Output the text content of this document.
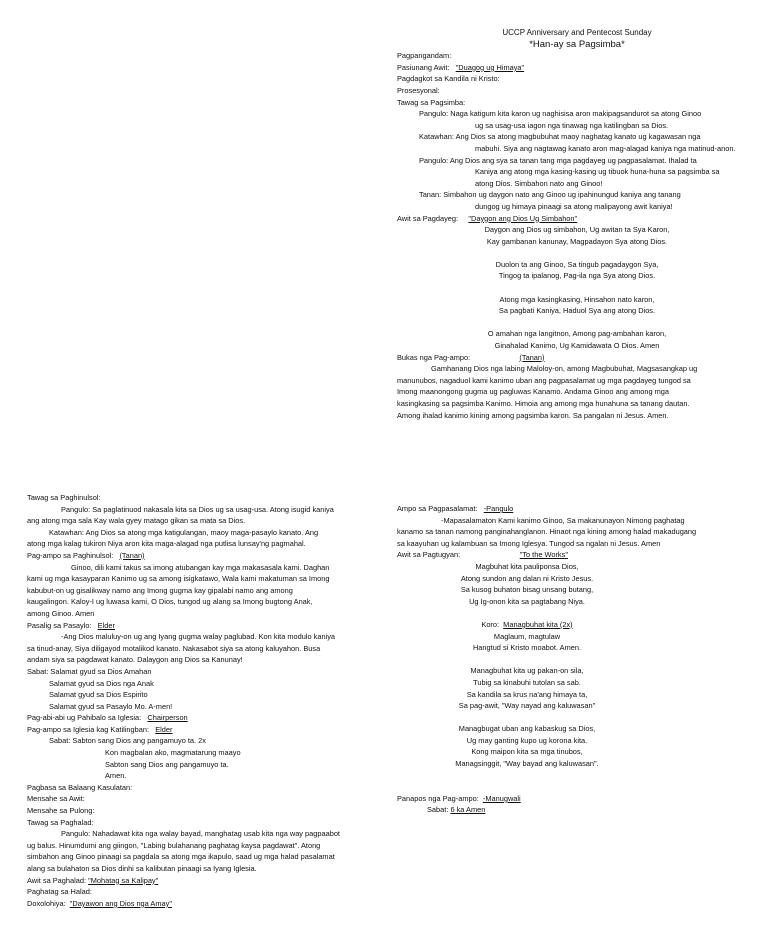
UCCP Anniversary and Pentecost Sunday
*Han-ay sa Pagsimba*
Pagpangandam:
Pasiunang Awit: "Duagog ug Himaya"
Pagdagkot sa Kandila ni Kristo:
Prosesyonal:
Tawag sa Pagsimba:
Pangulo: Naga katigum kita karon ug naghisisa aron makipagsandurot sa atong Ginoo
ug sa usag-usa iagon nga tinawag nga katilingban sa Dios.
Katawhan: Ang Dios sa atong magbubuhat maoy naghatag kanato ug kagawasan nga
mabuhi. Siya ang nagtawag kanato aron mag-alagad kaniya nga matinud-anon.
Pangulo: Ang Dios ang sya sa tanan tang mga pagdayeg ug pagpasalamat. Ihalad ta
Kaniya ang atong mga kasing-kasing ug tibuok huna-huna sa pagsimba sa
atong Dios. Simbahon nato ang Ginoo!
Tanan: Simbahon ug daygon nato ang Ginoo ug ipahinungud kaniya ang tanang
dungog ug himaya pinaagi sa atong malipayong awit kaniya!
Awit sa Pagdayeg: "Daygon ang Dios Ug Simbahon"
Daygon ang Dios ug simbahon, Ug awitan ta Sya Karon,
Kay gambanan kanunay, Magpadayon Sya atong Dios.
Duolon ta ang Ginoo, Sa tingub pagadaygon Sya,
Tingog ta ipalanog, Pag-ila nga Sya atong Dios.
Atong mga kasingkasing, Hinsahon nato karon,
Sa pagbati Kaniya, Haduol Sya ang atong Dios.
O amahan nga langitnon, Among pag-ambahan karon,
Ginahalad Kanimo, Ug Kamidawata O Dios. Amen
Bukas nga Pag-ampo:	(Tanan)
Gamhanang Dios nga labing Maloloy-on, among Magbubuhat, Magsasangkap ug
manunubos, nagaduol kami kanimo uban ang pagpasalamat ug mga pagdayeg tungod sa
Imong maanongong gugma ug pagluwas Kanamo. Andama Ginoo ang among mga
kasingkasing sa pagsimba Kanimo. Himoia ang among mga hunahuna sa tanang dautan.
Among ihalad kanimo kining among pagsimba karon. Sa pangalan ni Jesus. Amen.
Tawag sa Paghinulsol:
Pangulo: Sa paglatinuod nakasala kita sa Dios ug sa usag-usa. Atong isugid kaniya
ang atong mga sala Kay wala gyey matago gikan sa mata sa Dios.
Katawhan: Ang Dios sa atong mga katigulangan, maoy maga-pasaylo kanato. Ang
atong mga kalag tukiron Niya aron kita maga-alagad nga putlisa lunsay'ng pagmahal.
Pag-ampo sa Paghinulsol: (Tanan)
Ginoo, dili kami takus sa imong atubangan kay mga makasasala kami. Daghan
kami ug mga kasayparan Kanimo ug sa among isigkatawo, Wala kami makatuman sa Imong
kabubut-on ug gisalikway namo ang Imong gugma kay gipalabi namo ang among
kaugalingon. Kaloy-I ug luwasa kami, O Dios, tungod ug alang sa Imong bugtong Anak,
among Ginoo. Amen
Pasalig sa Pasaylo: Elder
-Ang Dios maluluy-on ug ang Iyang gugma walay paglubad. Kon kita modulo kaniya
sa tinud-anay, Siya diligayod motalikod kanato. Nakasabot siya sa atong kaluyahon. Busa
andam siya sa pagdawat kanato. Dalaygon ang Dios sa Kanunay!
Sabat: Salamat gyud sa Dios Amahan
Salamat gyud sa Dios nga Anak
Salamat gyud sa Dios Espirito
Salamat gyud sa Pasaylo Mo. A-men!
Pag-abi-abi ug Pahibalo sa Iglesia: Chairperson
Pag-ampo sa Iglesia kag Katilingban: Elder
Sabat: Sabton sang Dios ang pangamuyo ta. 2x
Kon magbalan ako, magmatarung maayo
Sabton sang Dios ang pangamuyo ta.
Amen.
Pagbasa sa Balaang Kasulatan:
Mensahe sa Awit:
Mensahe sa Pulong:
Tawag sa Paghalad:
Pangulo: Nahadawat kita nga walay bayad, manghatag usab kita nga way pagpaabot
ug balus. Hinumdumi ang giingon, "Labing bulahanang paghatag kaysa pagdawat". Atong
simbahon ang Ginoo pinaagi sa pagdala sa atong mga ikapulo, saad ug mga halad pasalamat
alang sa bulahaton sa Dios dinhi sa kalibutan pinaagi sa Iyang Iglesia.
Awit sa Paghalad: "Mohatag sa Kalipay"
Paghatag sa Halad:
Doxolohiya: "Dayawon ang Dios nga Amay"
Ampo sa Pagpasalamat: -Pangulo
-Mapasalamaton Kami kanimo Ginoo, Sa makanunayon Nimong paghatag
kanamo sa tanan namong panginahanglanon. Hinaot nga kining among halad makadugang
sa kaayuhan ug kalambuan sa Imong Iglesya. Tungod sa ngalan ni Jesus. Amen
Awit sa Pagtugyan:	"To the Works"
Magbuhat kita pauliponsa Dios,
Atong sundon ang dalan ni Kristo Jesus.
Sa kusog buhaton bisag unsang butang,
Ug Ig-onon kita sa pagtabang Niya.
Koro: Managbuhat kita (2x)
Maglaum, magtulaw
Hangtud si Kristo moabot. Amen.
Managbuhat kita ug pakan-on sila,
Tubig sa kinabuhi tutolan sa sab.
Sa kandila sa krus na'ang himaya ta,
Sa pag-awit, "Way nayad ang kaluwasan"
Managbugat uban ang kabaskug sa Dios,
Ug may ganting kupo ug korona kita.
Kong maipon kita sa mga tinubos,
Managsinggit, "Way bayad ang kaluwasan".
Panapos nga Pag-ampo: -Manugwali
Sabat: 6 ka Amen
